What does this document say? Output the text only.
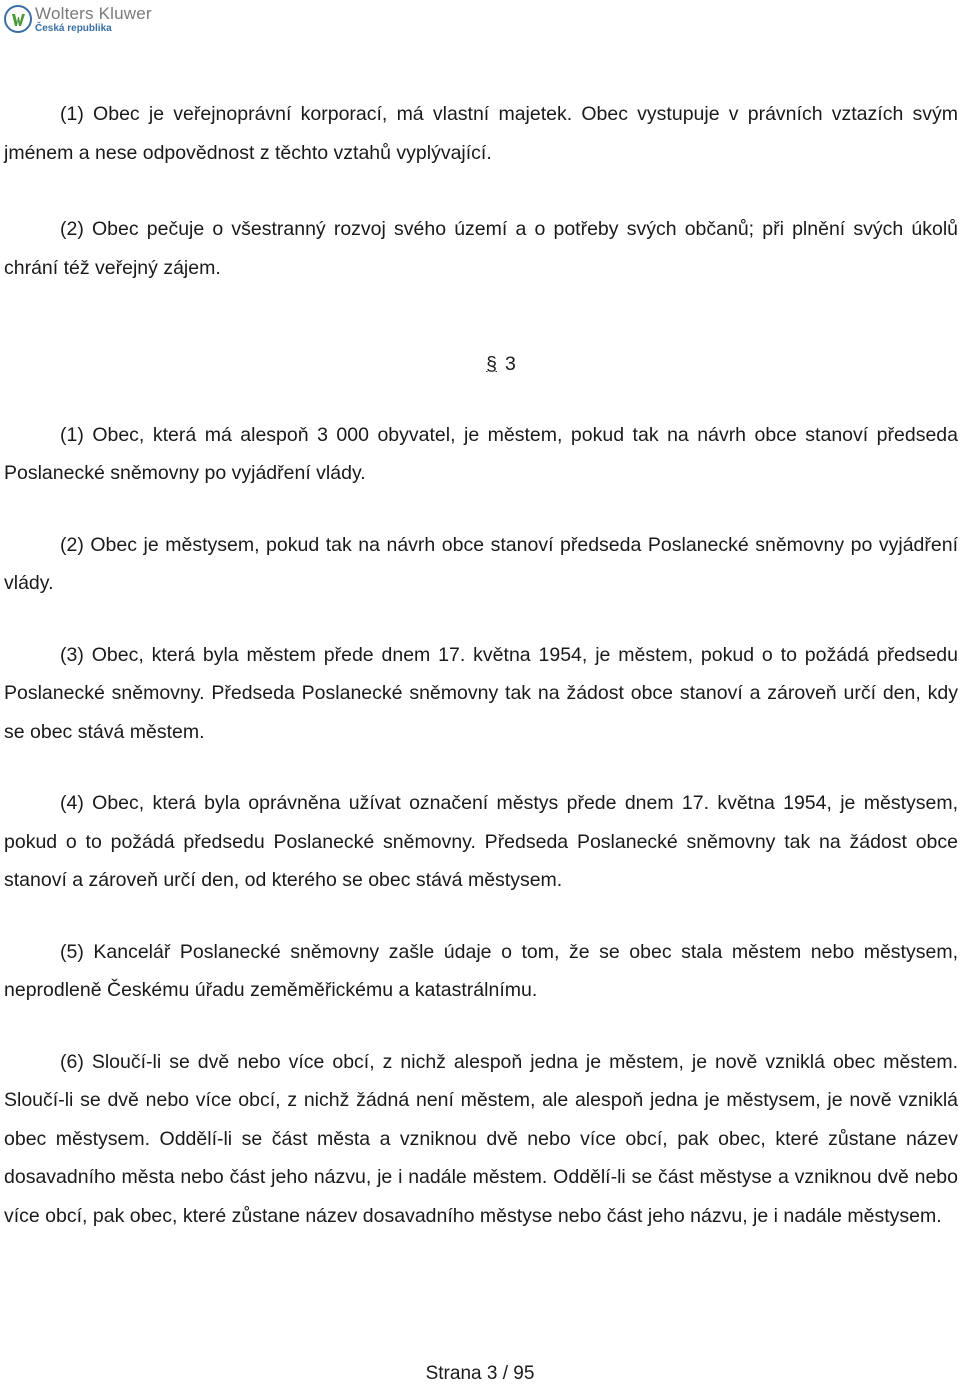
Wolters Kluwer
Česká republika

(1) Obec je veřejnoprávní korporací, má vlastní majetek. Obec vystupuje v právních vztazích svým jménem a nese odpovědnost z těchto vztahů vyplývající.

(2) Obec pečuje o všestranný rozvoj svého území a o potřeby svých občanů; při plnění svých úkolů chrání též veřejný zájem.

§ 3

(1) Obec, která má alespoň 3 000 obyvatel, je městem, pokud tak na návrh obce stanoví předseda Poslanecké sněmovny po vyjádření vlády.

(2) Obec je městysem, pokud tak na návrh obce stanoví předseda Poslanecké sněmovny po vyjádření vlády.

(3) Obec, která byla městem přede dnem 17. května 1954, je městem, pokud o to požádá předsedu Poslanecké sněmovny. Předseda Poslanecké sněmovny tak na žádost obce stanoví a zároveň určí den, kdy se obec stává městem.

(4) Obec, která byla oprávněna užívat označení městys přede dnem 17. května 1954, je městysem, pokud o to požádá předsedu Poslanecké sněmovny. Předseda Poslanecké sněmovny tak na žádost obce stanoví a zároveň určí den, od kterého se obec stává městysem.

(5) Kancelář Poslanecké sněmovny zašle údaje o tom, že se obec stala městem nebo městysem, neprodleně Českému úřadu zeměměřickému a katastrálnímu.

(6) Sloučí-li se dvě nebo více obcí, z nichž alespoň jedna je městem, je nově vzniklá obec městem. Sloučí-li se dvě nebo více obcí, z nichž žádná není městem, ale alespoň jedna je městysem, je nově vzniklá obec městysem. Oddělí-li se část města a vzniknou dvě nebo více obcí, pak obec, které zůstane název dosavadního města nebo část jeho názvu, je i nadále městem. Oddělí-li se část městyse a vzniknou dvě nebo více obcí, pak obec, které zůstane název dosavadního městyse nebo část jeho názvu, je i nadále městysem.

Strana 3 / 95
